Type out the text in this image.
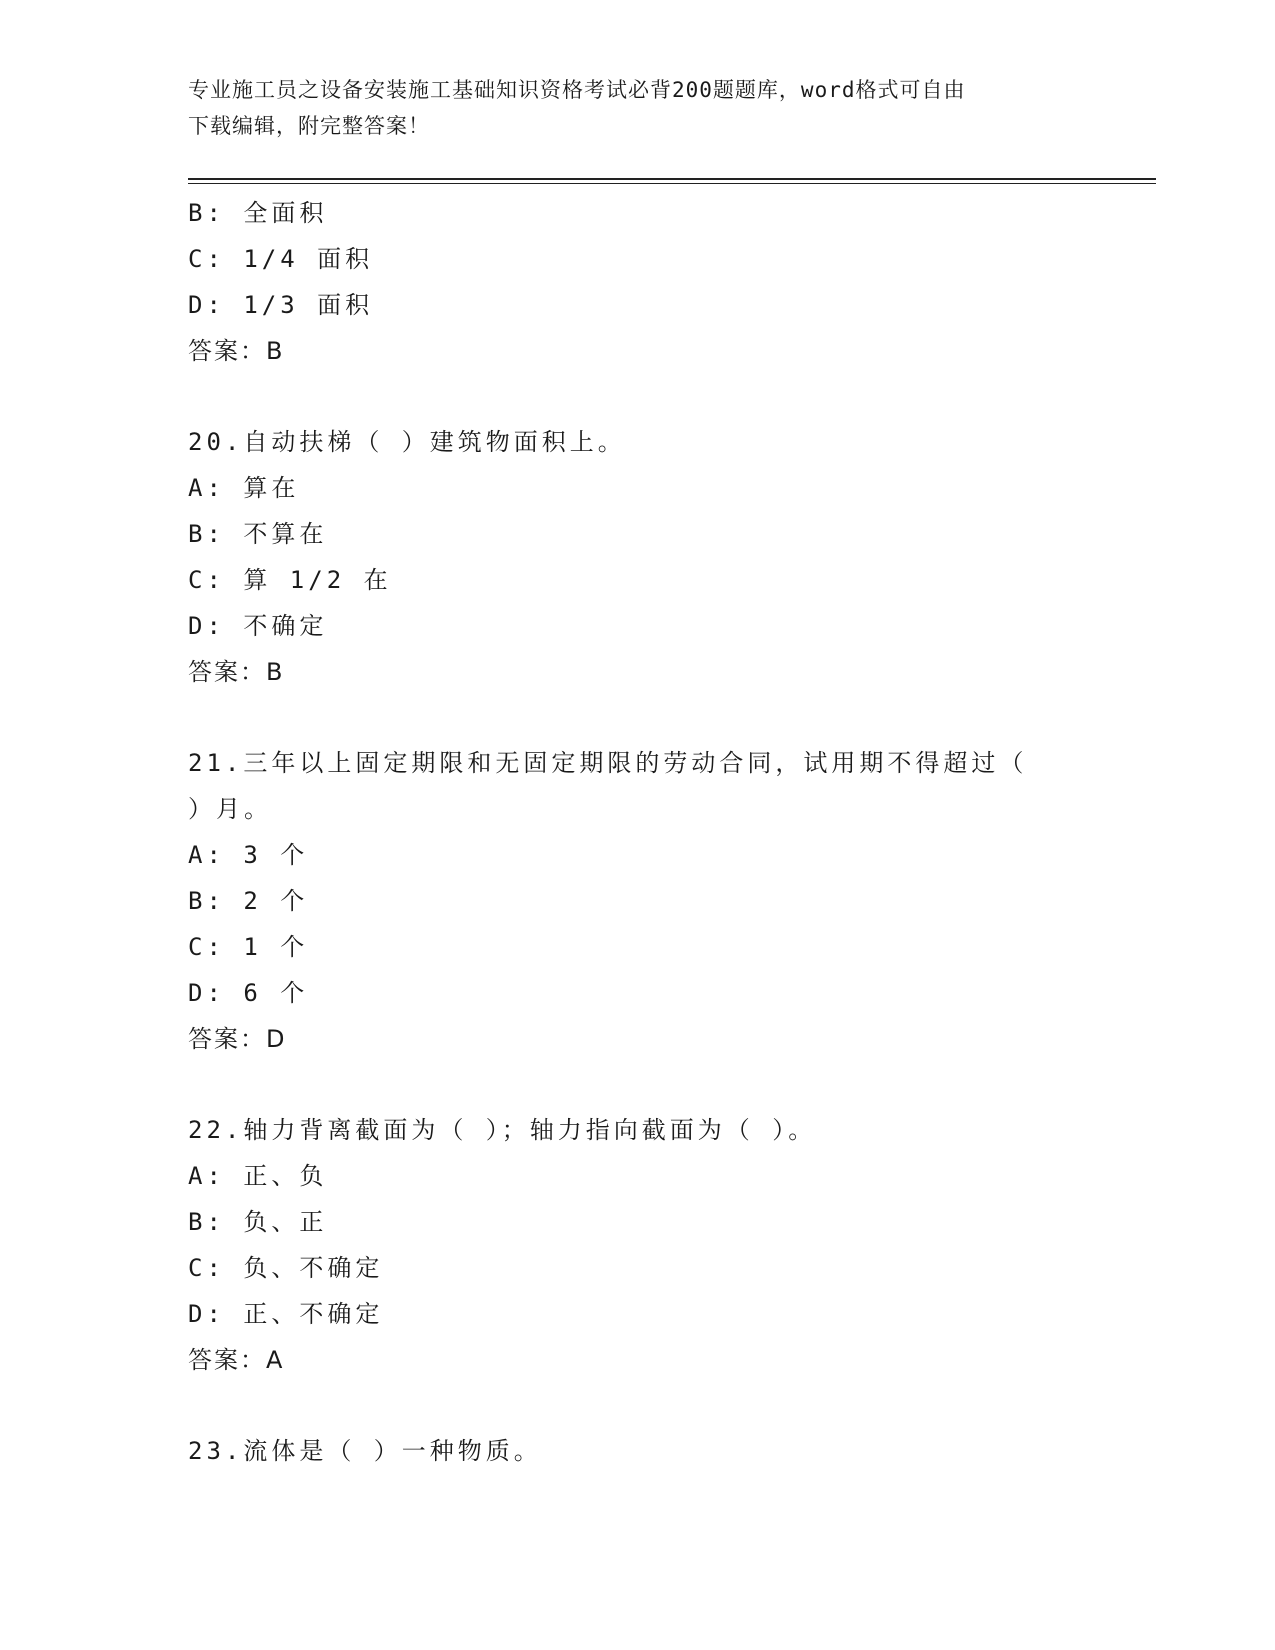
专业施工员之设备安装施工基础知识资格考试必背200题题库，word格式可自由
下载编辑，附完整答案！
B: 全面积
C: 1/4 面积
D: 1/3 面积
答案：B
20.自动扶梯（ ）建筑物面积上。
A: 算在
B: 不算在
C: 算 1/2 在
D: 不确定
答案：B
21.三年以上固定期限和无固定期限的劳动合同，试用期不得超过（
）月。
A: 3 个
B: 2 个
C: 1 个
D: 6 个
答案：D
22.轴力背离截面为（ ）；轴力指向截面为（ ）。
A: 正、负
B: 负、正
C: 负、不确定
D: 正、不确定
答案：A
23.流体是（ ）一种物质。
